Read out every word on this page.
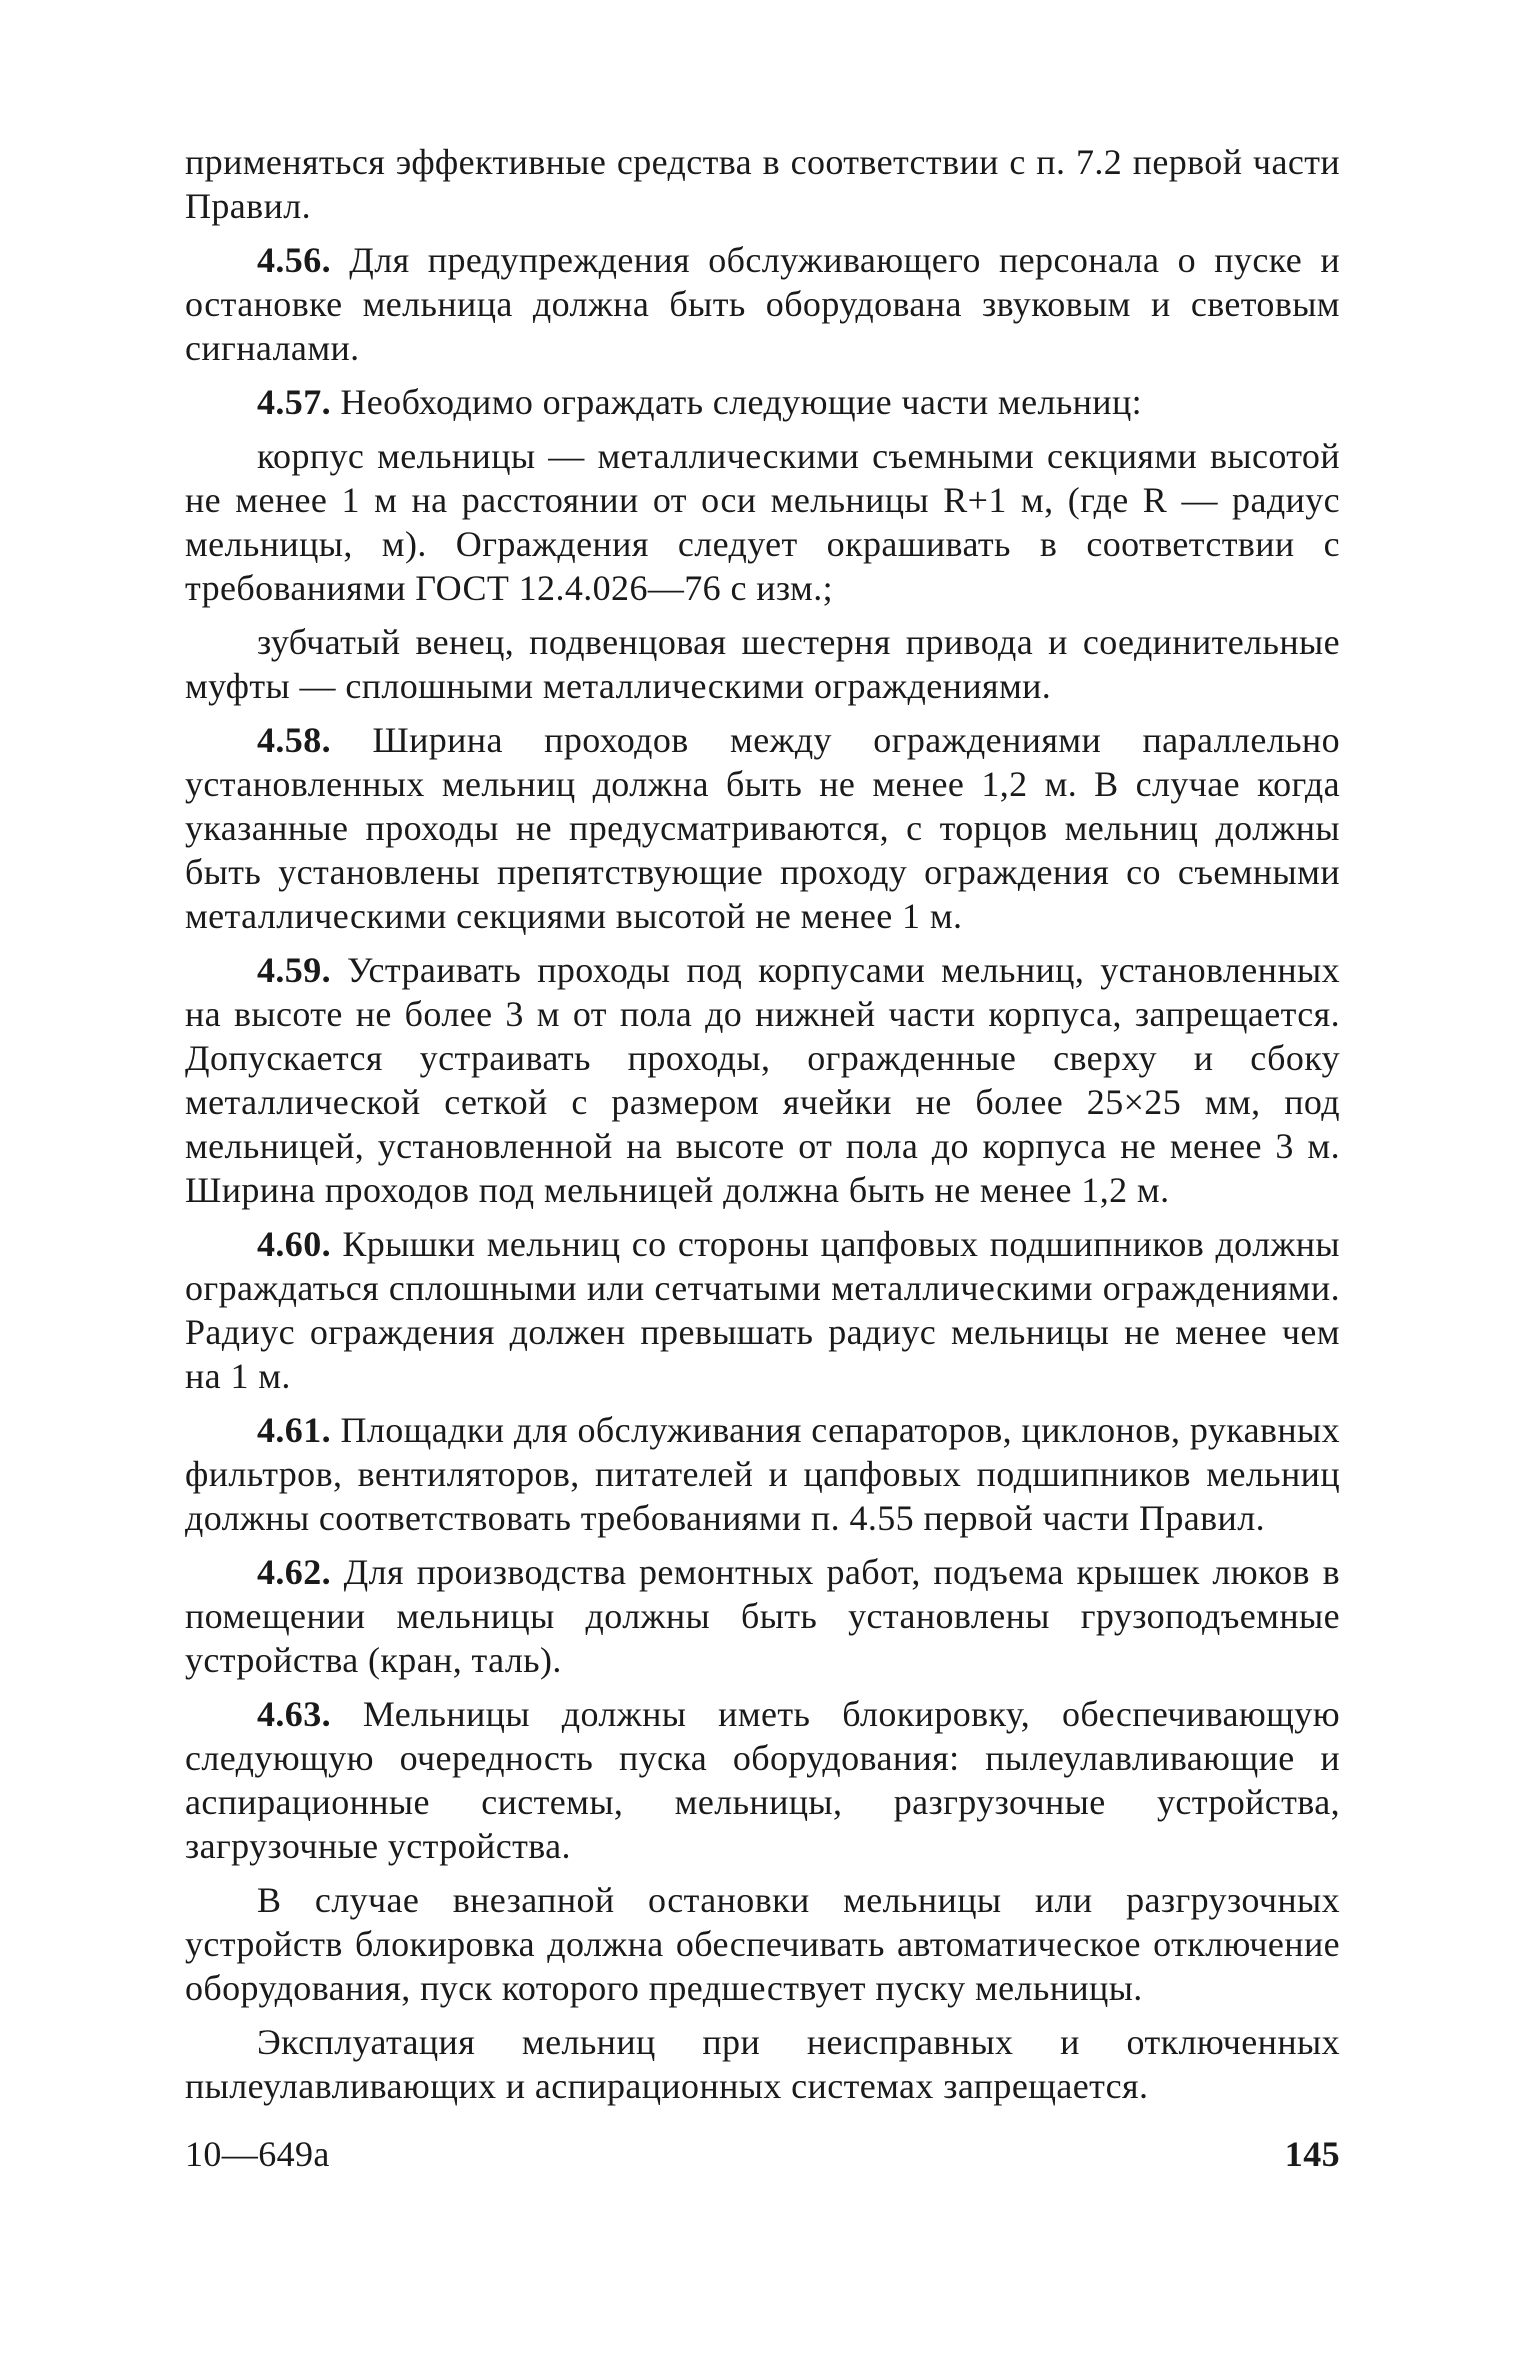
применяться эффективные средства в соответствии с п. 7.2 первой части Правил.

4.56. Для предупреждения обслуживающего персонала о пуске и остановке мельница должна быть оборудована звуковым и световым сигналами.

4.57. Необходимо ограждать следующие части мельниц:

корпус мельницы — металлическими съемными секциями высотой не менее 1 м на расстоянии от оси мельницы R+1 м, (где R — радиус мельницы, м). Ограждения следует окрашивать в соответствии с требованиями ГОСТ 12.4.026—76 с изм.;

зубчатый венец, подвенцовая шестерня привода и соединительные муфты — сплошными металлическими ограждениями.

4.58. Ширина проходов между ограждениями параллельно установленных мельниц должна быть не менее 1,2 м. В случае когда указанные проходы не предусматриваются, с торцов мельниц должны быть установлены препятствующие проходу ограждения со съемными металлическими секциями высотой не менее 1 м.

4.59. Устраивать проходы под корпусами мельниц, установленных на высоте не более 3 м от пола до нижней части корпуса, запрещается. Допускается устраивать проходы, огражденные сверху и сбоку металлической сеткой с размером ячейки не более 25×25 мм, под мельницей, установленной на высоте от пола до корпуса не менее 3 м. Ширина проходов под мельницей должна быть не менее 1,2 м.

4.60. Крышки мельниц со стороны цапфовых подшипников должны ограждаться сплошными или сетчатыми металлическими ограждениями. Радиус ограждения должен превышать радиус мельницы не менее чем на 1 м.

4.61. Площадки для обслуживания сепараторов, циклонов, рукавных фильтров, вентиляторов, питателей и цапфовых подшипников мельниц должны соответствовать требованиями п. 4.55 первой части Правил.

4.62. Для производства ремонтных работ, подъема крышек люков в помещении мельницы должны быть установлены грузоподъемные устройства (кран, таль).

4.63. Мельницы должны иметь блокировку, обеспечивающую следующую очередность пуска оборудования: пылеулавливающие и аспирационные системы, мельницы, разгрузочные устройства, загрузочные устройства.

В случае внезапной остановки мельницы или разгрузочных устройств блокировка должна обеспечивать автоматическое отключение оборудования, пуск которого предшествует пуску мельницы.

Эксплуатация мельниц при неисправных и отключенных пылеулавливающих и аспирационных системах запрещается.

10—649а	145
